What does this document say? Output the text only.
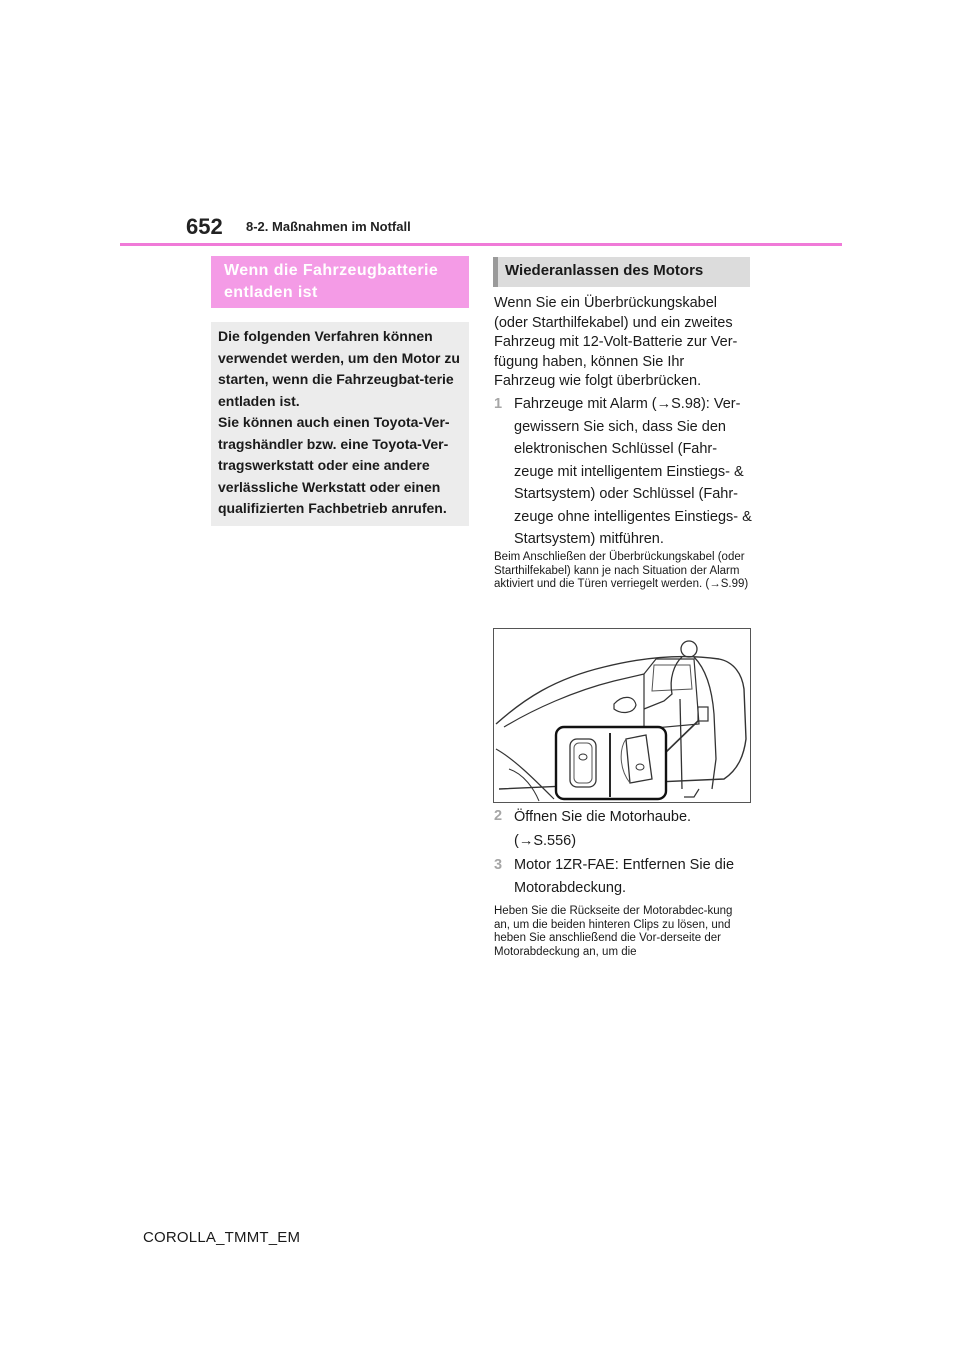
652 8-2. Maßnahmen im Notfall
Wenn die Fahrzeugbatterie entladen ist
Die folgenden Verfahren können verwendet werden, um den Motor zu starten, wenn die Fahrzeugbat-terie entladen ist.
Sie können auch einen Toyota-Ver-tragshändler bzw. eine Toyota-Ver-tragswerkstatt oder eine andere verlässliche Werkstatt oder einen qualifizierten Fachbetrieb anrufen.
Wiederanlassen des Motors
Wenn Sie ein Überbrückungskabel (oder Starthilfekabel) und ein zweites Fahrzeug mit 12-Volt-Batterie zur Ver-fügung haben, können Sie Ihr Fahrzeug wie folgt überbrücken.
1 Fahrzeuge mit Alarm (→S.98): Ver-gewissern Sie sich, dass Sie den elektronischen Schlüssel (Fahr-zeuge mit intelligentem Einstiegs- & Startsystem) oder Schlüssel (Fahr-zeuge ohne intelligentes Einstiegs- & Startsystem) mitführen.
Beim Anschließen der Überbrückungskabel (oder Starthilfekabel) kann je nach Situation der Alarm aktiviert und die Türen verriegelt werden. (→S.99)
2 Öffnen Sie die Motorhaube. (→S.556)
3 Motor 1ZR-FAE: Entfernen Sie die Motorabdeckung.
Heben Sie die Rückseite der Motorabdec-kung an, um die beiden hinteren Clips zu lösen, und heben Sie anschließend die Vor-derseite der Motorabdeckung an, um die
COROLLA_TMMT_EM
